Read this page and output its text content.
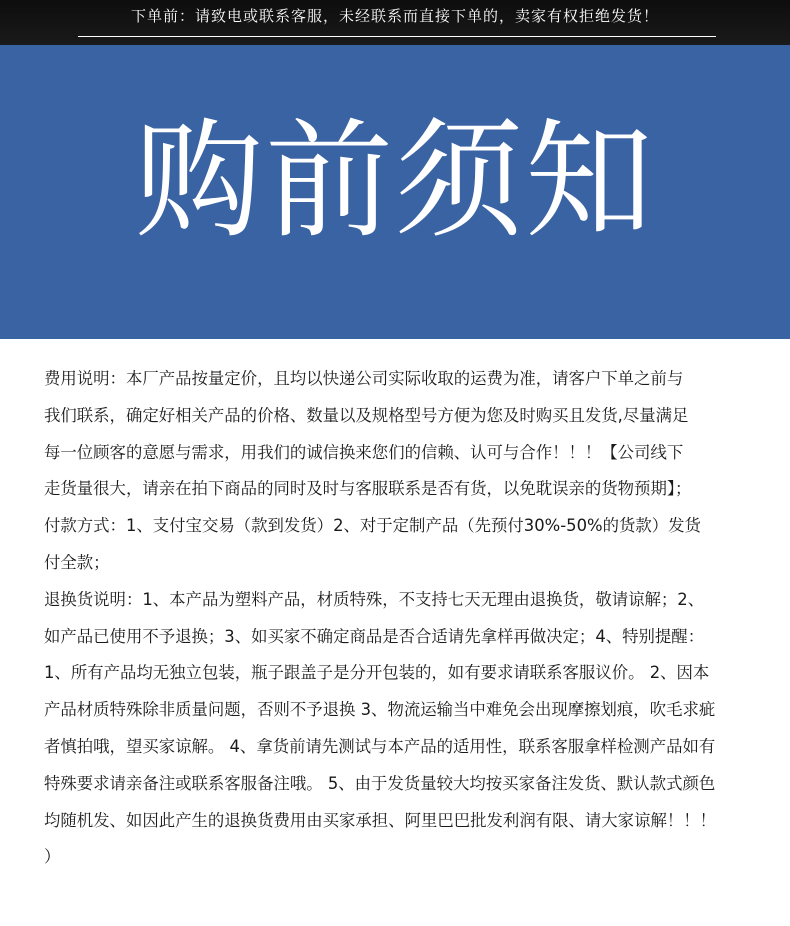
下单前：请致电或联系客服，未经联系而直接下单的，卖家有权拒绝发货！
购前须知
费用说明：本厂产品按量定价，且均以快递公司实际收取的运费为准，请客户下单之前与
我们联系，确定好相关产品的价格、数量以及规格型号方便为您及时购买且发货,尽量满足
每一位顾客的意愿与需求，用我们的诚信换来您们的信赖、认可与合作！！！【公司线下
走货量很大，请亲在拍下商品的同时及时与客服联系是否有货，以免耽误亲的货物预期】；
付款方式：1、支付宝交易（款到发货）2、对于定制产品（先预付30%-50%的货款）发货
付全款；
退换货说明：1、本产品为塑料产品，材质特殊，不支持七天无理由退换货，敬请谅解；2、
如产品已使用不予退换；3、如买家不确定商品是否合适请先拿样再做决定；4、特别提醒：
1、所有产品均无独立包装，瓶子跟盖子是分开包装的，如有要求请联系客服议价。 2、因本
产品材质特殊除非质量问题，否则不予退换 3、物流运输当中难免会出现摩擦划痕，吹毛求疵
者慎拍哦，望买家谅解。 4、拿货前请先测试与本产品的适用性，联系客服拿样检测产品如有
特殊要求请亲备注或联系客服备注哦。 5、由于发货量较大均按买家备注发货、默认款式颜色
均随机发、如因此产生的退换货费用由买家承担、阿里巴巴批发利润有限、请大家谅解！！！
）
